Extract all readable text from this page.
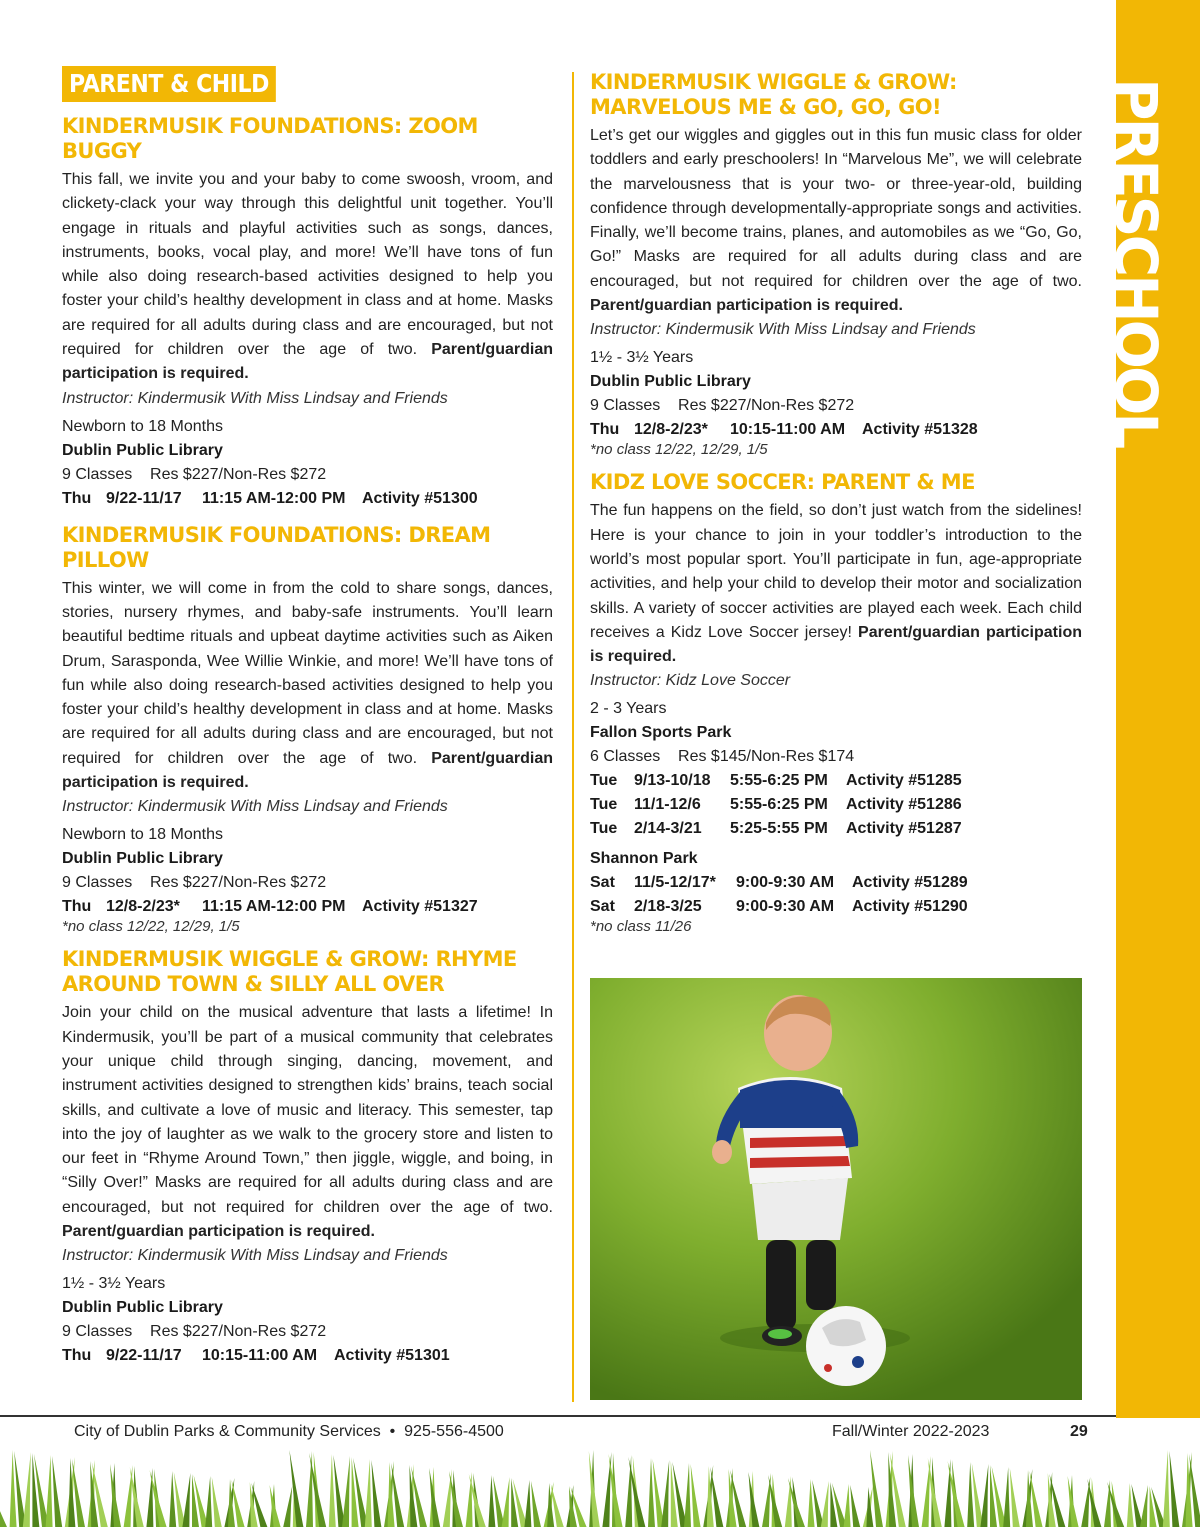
PRESCHOOL
PARENT & CHILD
KINDERMUSIK FOUNDATIONS: ZOOM BUGGY

This fall, we invite you and your baby to come swoosh, vroom, and clickety-clack your way through this delightful unit together. You’ll engage in rituals and playful activities such as songs, dances, instruments, books, vocal play, and more! We’ll have tons of fun while also doing research-based activities designed to help you foster your child’s healthy development in class and at home. Masks are required for all adults during class and are encouraged, but not required for children over the age of two. Parent/guardian participation is required.

Instructor: Kindermusik With Miss Lindsay and Friends
Newborn to 18 Months
Dublin Public Library
9 Classes    Res $227/Non-Res $272
Thu 9/22-11/17 11:15 AM-12:00 PM Activity #51300
KINDERMUSIK FOUNDATIONS: DREAM PILLOW

This winter, we will come in from the cold to share songs, dances, stories, nursery rhymes, and baby-safe instruments. You’ll learn beautiful bedtime rituals and upbeat daytime activities such as Aiken Drum, Sarasponda, Wee Willie Winkie, and more! We’ll have tons of fun while also doing research-based activities designed to help you foster your child’s healthy development in class and at home. Masks are required for all adults during class and are encouraged, but not required for children over the age of two. Parent/guardian participation is required.

Instructor: Kindermusik With Miss Lindsay and Friends
Newborn to 18 Months
Dublin Public Library
9 Classes    Res $227/Non-Res $272
Thu 12/8-2/23* 11:15 AM-12:00 PM Activity #51327
*no class 12/22, 12/29, 1/5
KINDERMUSIK WIGGLE & GROW: RHYME AROUND TOWN & SILLY ALL OVER

Join your child on the musical adventure that lasts a lifetime! In Kindermusik, you’ll be part of a musical community that celebrates your unique child through singing, dancing, movement, and instrument activities designed to strengthen kids’ brains, teach social skills, and cultivate a love of music and literacy. This semester, tap into the joy of laughter as we walk to the grocery store and listen to our feet in “Rhyme Around Town,” then jiggle, wiggle, and boing, in “Silly Over!” Masks are required for all adults during class and are encouraged, but not required for children over the age of two. Parent/guardian participation is required.

Instructor: Kindermusik With Miss Lindsay and Friends
1½ - 3½ Years
Dublin Public Library
9 Classes    Res $227/Non-Res $272
Thu 9/22-11/17 10:15-11:00 AM Activity #51301
KINDERMUSIK WIGGLE & GROW: MARVELOUS ME & GO, GO, GO!

Let’s get our wiggles and giggles out in this fun music class for older toddlers and early preschoolers! In “Marvelous Me”, we will celebrate the marvelousness that is your two- or three-year-old, building confidence through developmentally-appropriate songs and activities. Finally, we’ll become trains, planes, and automobiles as we “Go, Go, Go!” Masks are required for all adults during class and are encouraged, but not required for children over the age of two. Parent/guardian participation is required.

Instructor: Kindermusik With Miss Lindsay and Friends
1½ - 3½ Years
Dublin Public Library
9 Classes    Res $227/Non-Res $272
Thu 12/8-2/23* 10:15-11:00 AM Activity #51328
*no class 12/22, 12/29, 1/5
KIDZ LOVE SOCCER: PARENT & ME

The fun happens on the field, so don’t just watch from the sidelines! Here is your chance to join in your toddler’s introduction to the world’s most popular sport. You’ll participate in fun, age-appropriate activities, and help your child to develop their motor and socialization skills. A variety of soccer activities are played each week. Each child receives a Kidz Love Soccer jersey! Parent/guardian participation is required.

Instructor: Kidz Love Soccer
2 - 3 Years
Fallon Sports Park
6 Classes    Res $145/Non-Res $174
Tue 9/13-10/18 5:55-6:25 PM Activity #51285
Tue 11/1-12/6 5:55-6:25 PM Activity #51286
Tue 2/14-3/21 5:25-5:55 PM Activity #51287
Shannon Park
Sat 11/5-12/17* 9:00-9:30 AM Activity #51289
Sat 2/18-3/25 9:00-9:30 AM Activity #51290
*no class 11/26
City of Dublin Parks & Community Services  •  925-556-4500	Fall/Winter 2022-2023	29
